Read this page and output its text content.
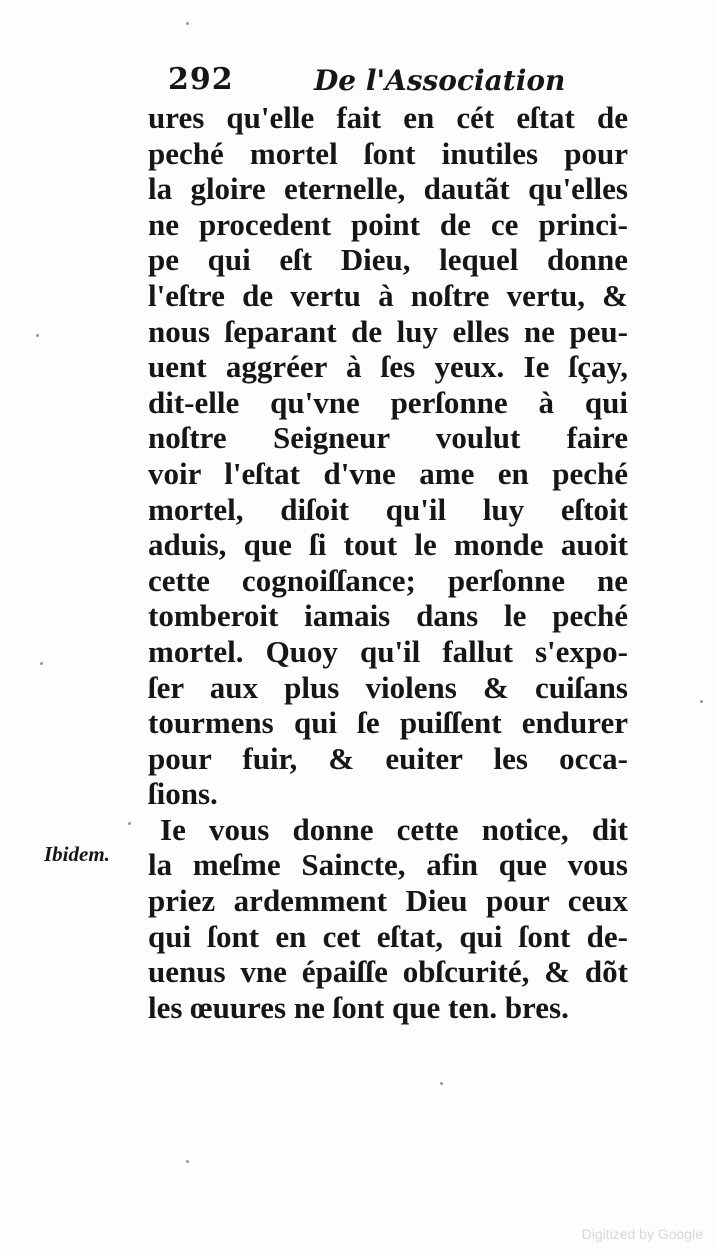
292	De l'Association
ures qu'elle fait en cét eſtat de
peché mortel ſont inutiles pour
la gloire eternelle, dautãt qu'elles
ne procedent point de ce princi-
pe qui eſt Dieu, lequel donne
l'eſtre de vertu à noſtre vertu, &
nous ſeparant de luy elles ne peu-
uent aggréer à ſes yeux. Ie ſçay,
dit-elle qu'vne perſonne à qui
noſtre Seigneur voulut faire
voir l'eſtat d'vne ame en peché
mortel, diſoit qu'il luy eſtoit
aduis, que ſi tout le monde auoit
cette cognoiſſance; perſonne ne
tomberoit iamais dans le peché
mortel. Quoy qu'il fallut s'expo-
ſer aux plus violens & cuiſans
tourmens qui ſe puiſſent endurer
pour fuir, & euiter les occa-
ſions.
Ie vous donne cette notice, dit
la meſme Saincte, afin que vous
priez ardemment Dieu pour ceux
qui ſont en cet eſtat, qui ſont de-
uenus vne épaiſſe obſcurité, & dõt
les œuures ne ſont que ten. bres.
Ibidem.
Digitized by Google
